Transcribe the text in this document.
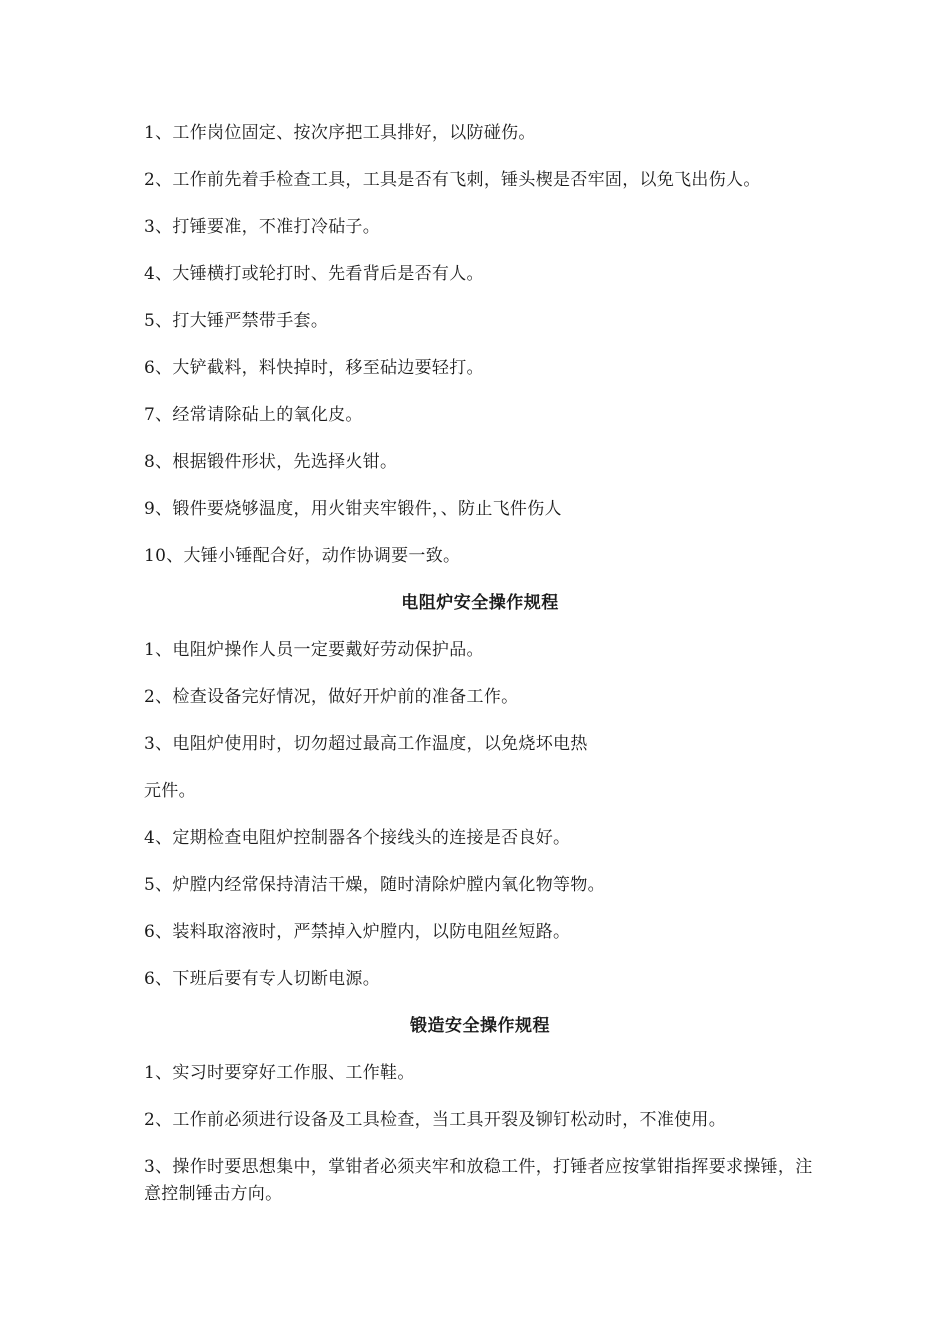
1、工作岗位固定、按次序把工具排好，以防碰伤。

2、工作前先着手检查工具，工具是否有飞刺，锤头楔是否牢固，以免飞出伤人。

3、打锤要准，不准打冷砧子。

4、大锤横打或轮打时、先看背后是否有人。

5、打大锤严禁带手套。

6、大铲截料，料快掉时，移至砧边要轻打。

7、经常请除砧上的氧化皮。

8、根据锻件形状，先选择火钳。

9、锻件要烧够温度，用火钳夹牢锻件，、防止飞件伤人

10、大锤小锤配合好，动作协调要一致。

电阻炉安全操作规程

1、电阻炉操作人员一定要戴好劳动保护品。

2、检查设备完好情况，做好开炉前的准备工作。

3、电阻炉使用时，切勿超过最高工作温度，以免烧坏电热

元件。

4、定期检查电阻炉控制器各个接线头的连接是否良好。

5、炉膛内经常保持清洁干燥，随时清除炉膛内氧化物等物。

6、装料取溶液时，严禁掉入炉膛内，以防电阻丝短路。

6、下班后要有专人切断电源。

锻造安全操作规程

1、实习时要穿好工作服、工作鞋。

2、工作前必须进行设备及工具检查，当工具开裂及铆钉松动时，不准使用。

3、操作时要思想集中，掌钳者必须夹牢和放稳工件，打锤者应按掌钳指挥要求操锤，注意控制锤击方向。
